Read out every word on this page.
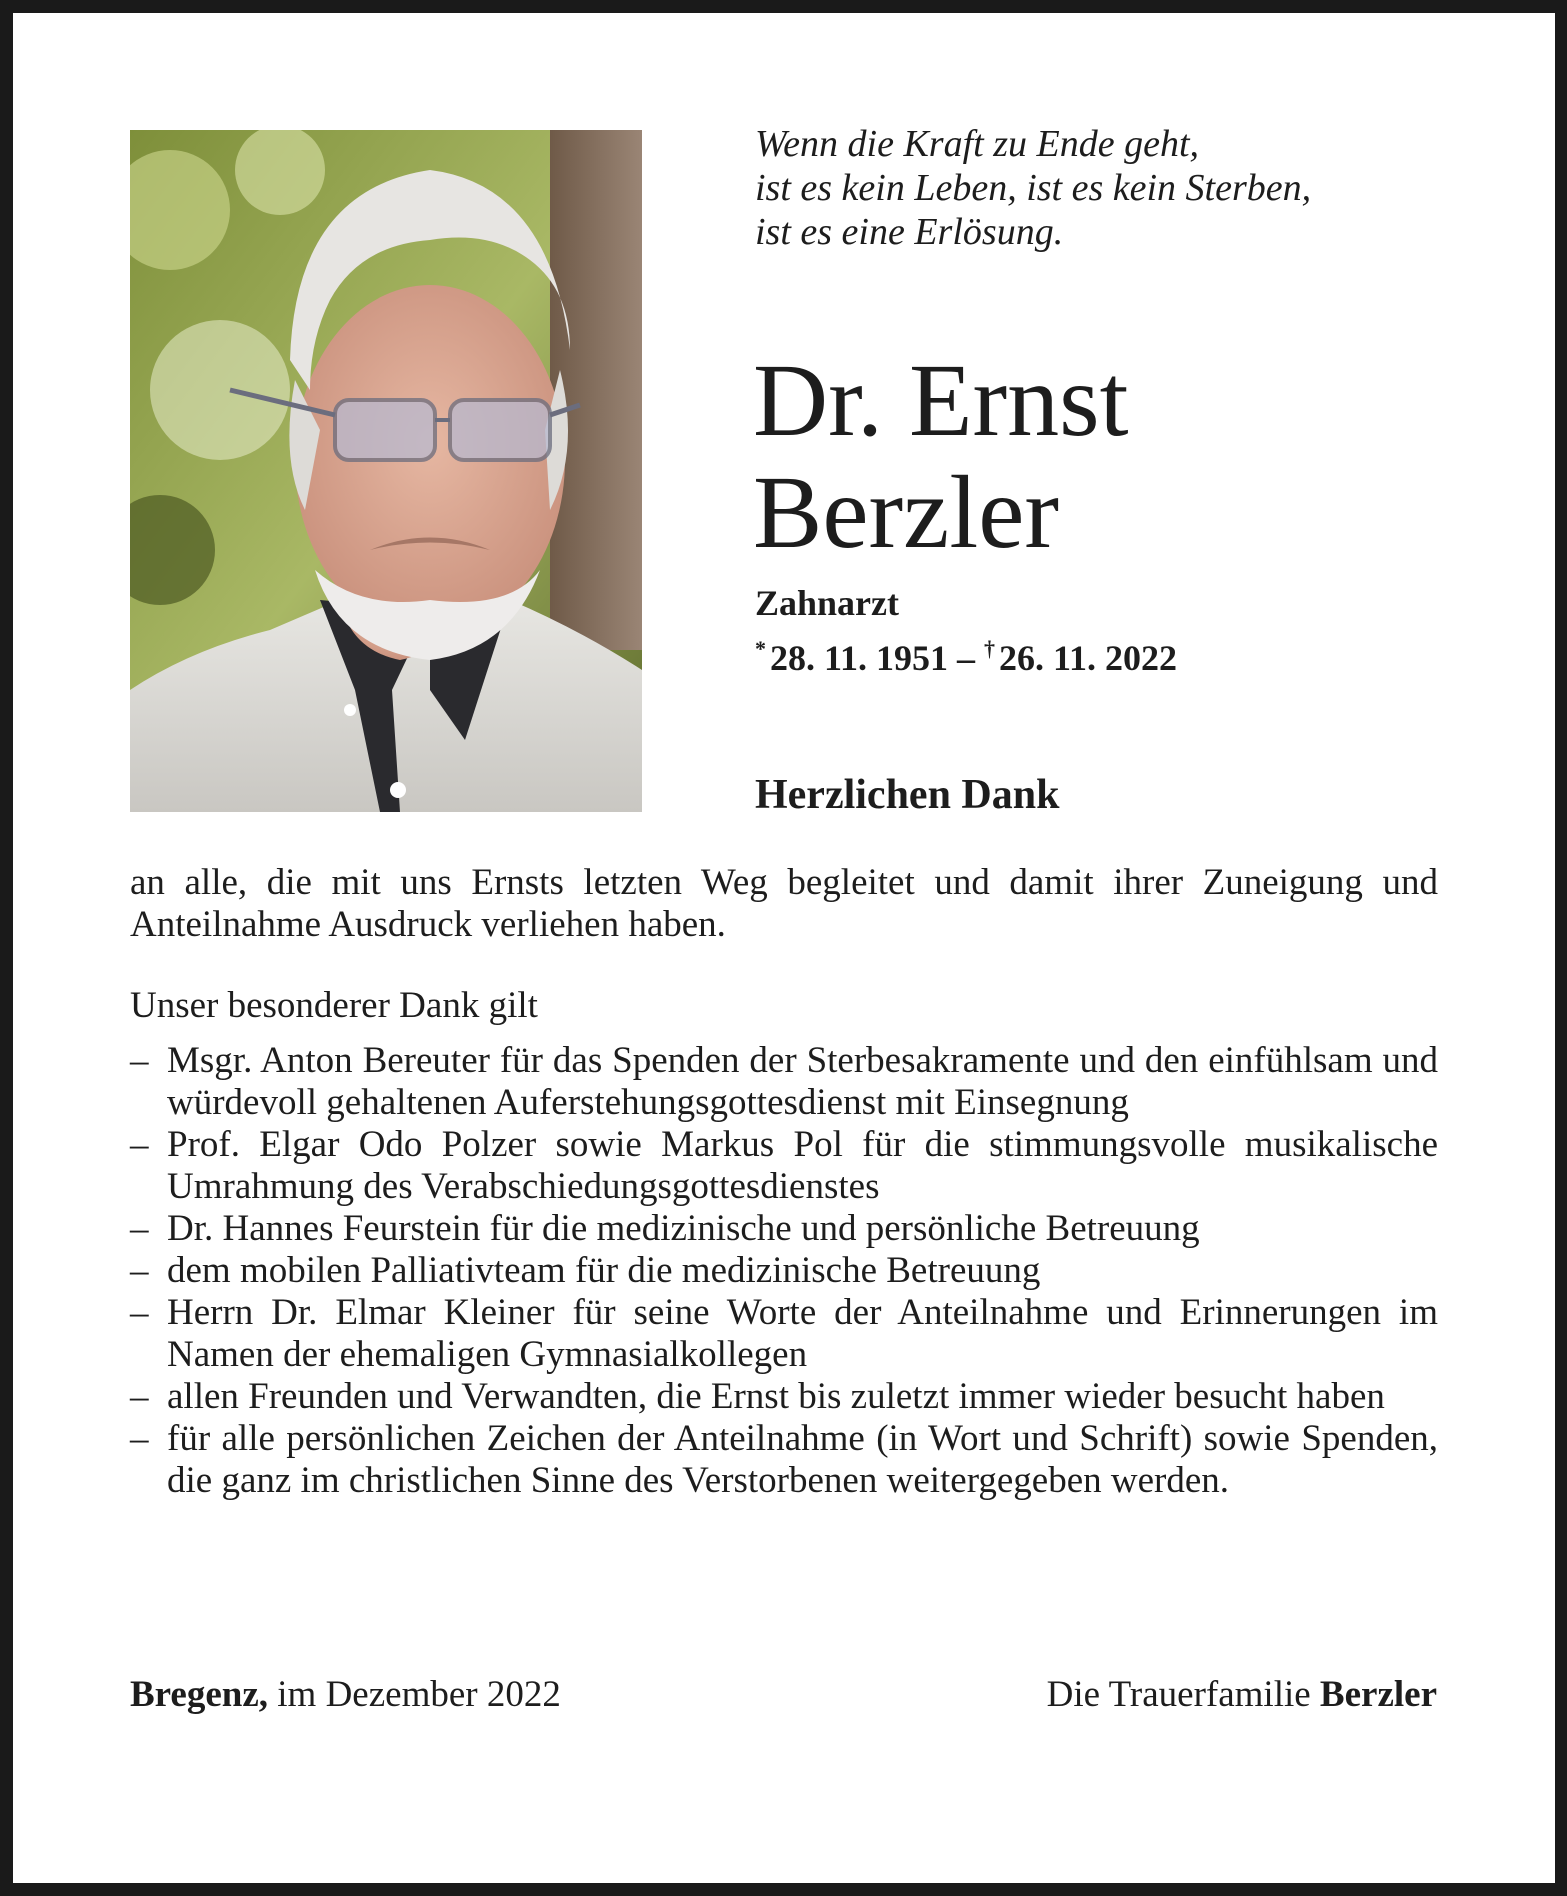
Wenn die Kraft zu Ende geht,
ist es kein Leben, ist es kein Sterben,
ist es eine Erlösung.
Dr. Ernst
Berzler
Zahnarzt
* 28. 11. 1951 – † 26. 11. 2022
Herzlichen Dank
an alle, die mit uns Ernsts letzten Weg begleitet und damit ihrer Zuneigung und Anteilnahme Ausdruck verliehen haben.
Unser besonderer Dank gilt
– Msgr. Anton Bereuter für das Spenden der Sterbesakramente und den einfühlsam und würdevoll gehaltenen Auferstehungsgottesdienst mit Einsegnung
– Prof. Elgar Odo Polzer sowie Markus Pol für die stimmungsvolle musikalische Umrahmung des Verabschiedungsgottesdienstes
– Dr. Hannes Feurstein für die medizinische und persönliche Betreuung
– dem mobilen Palliativteam für die medizinische Betreuung
– Herrn Dr. Elmar Kleiner für seine Worte der Anteilnahme und Erinnerungen im Namen der ehemaligen Gymnasialkollegen
– allen Freunden und Verwandten, die Ernst bis zuletzt immer wieder besucht haben
– für alle persönlichen Zeichen der Anteilnahme (in Wort und Schrift) sowie Spenden, die ganz im christlichen Sinne des Verstorbenen weitergegeben werden.
Bregenz, im Dezember 2022	Die Trauerfamilie Berzler
